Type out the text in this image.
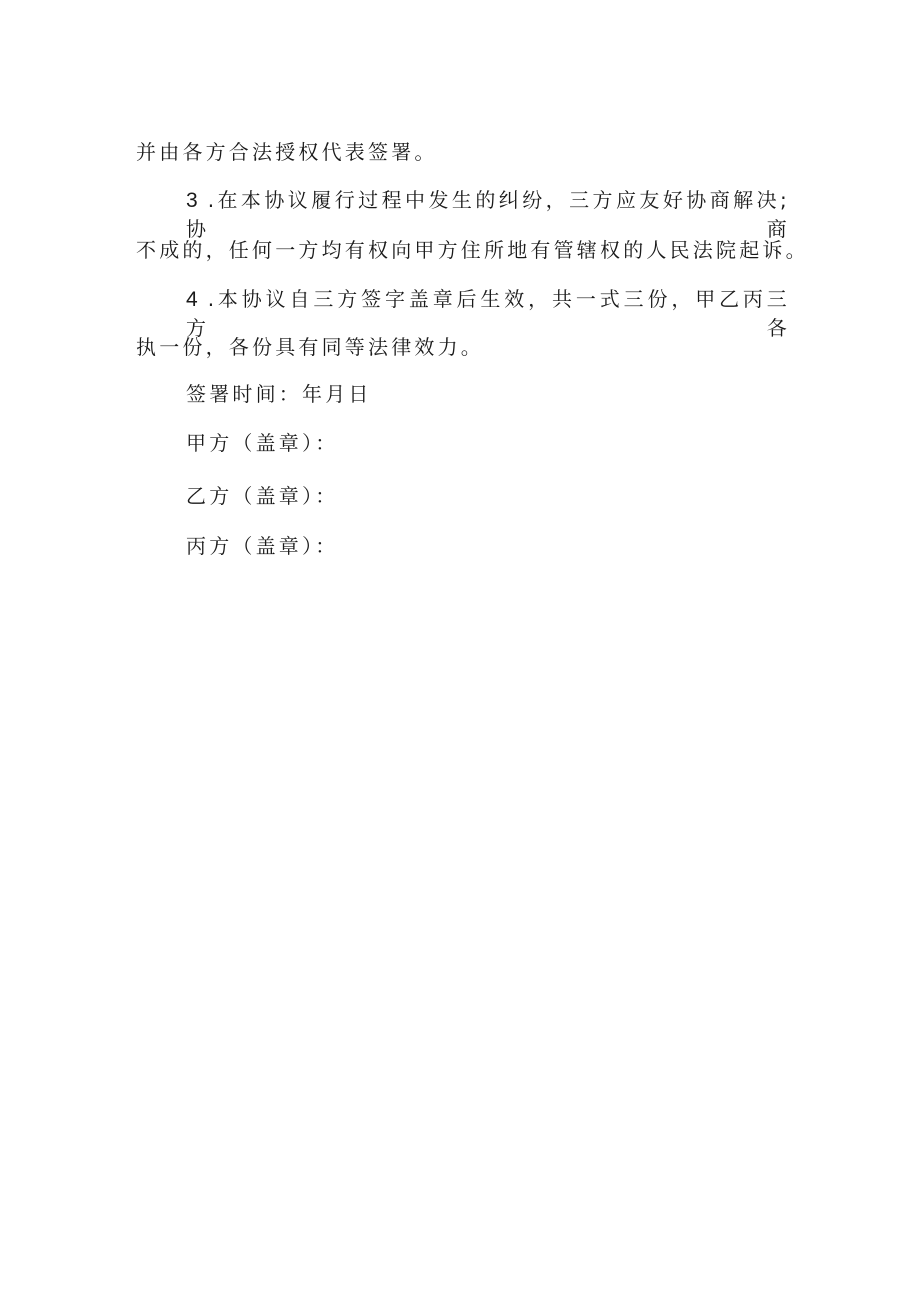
并由各方合法授权代表签署。
3 .在本协议履行过程中发生的纠纷，三方应友好协商解决;协商
不成的，任何一方均有权向甲方住所地有管辖权的人民法院起诉。
4 .本协议自三方签字盖章后生效，共一式三份，甲乙丙三方各
执一份，各份具有同等法律效力。
签署时间：年月日
甲方（盖章）：
乙方（盖章）：
丙方（盖章）：
